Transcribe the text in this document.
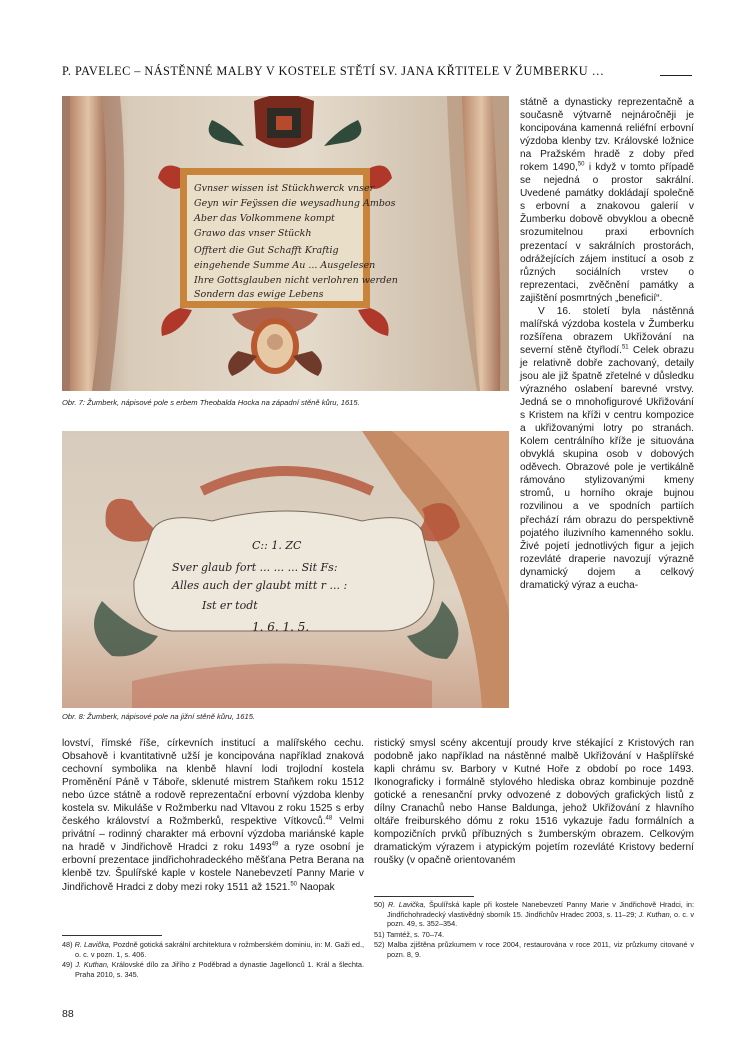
P. PAVELEC – NÁSTĚNNÉ MALBY V KOSTELE STĚTÍ SV. JANA KŘTITELE V ŽUMBERKU …
Gvnser wissen ist Stückhwerck vnser
Geyn wir Feÿssen die weysadhung Ambos
Aber das Volkommene kompt
Grawo das vnser Stückh
Offtert die Gut Schafft Kraftig
eingehende Summe Au ... Ausgelesen
Ihre Gottsglauben nicht verlohren werden
Sondern das ewige Lebens
Obr. 7: Žumberk, nápisové pole s erbem Theobalda Hocka na západní stěně kůru, 1615.
C:: 1. ZC
Sver glaub fort ... ... ... Sit Fs:
Alles auch der glaubt mitt r ... :
Ist er todt
1. 6. 1. 5.
Obr. 8: Žumberk, nápisové pole na jižní stěně kůru, 1615.

státně a dynasticky reprezentačně a současně výtvarně nejnáročněji je koncipována kamenná reliéfní erbovní výzdoba klenby tzv. Královské ložnice na Pražském hradě z doby před rokem 1490,50 i když v tomto případě se nejedná o prostor sakrální. Uvedené památky dokládají společně s erbovní a znakovou galerií v Žumberku dobově obvyklou a obecně srozumitelnou praxi erbovních prezentací v sakrálních prostorách, odrážejících zájem institucí a osob z různých sociálních vrstev o reprezentaci, zvěčnění památky a zajištění posmrtných „beneficií“.

V 16. století byla nástěnná malířská výzdoba kostela v Žumberku rozšířena obrazem Ukřižování na severní stěně čtyřlodí.$^{51}$ Celek obrazu je relativně dobře zachovaný, detaily jsou ale již špatně zřetelné v důsledku výrazného oslabení barevné vrstvy. Jedná se o mnohofigurové Ukřižování s Kristem na kříži v centru kompozice a ukřižovanými lotry po stranách. Kolem centrálního kříže je situována obvyklá skupina osob v dobových oděvech. Obrazové pole je vertikálně rámováno stylizovanými kmeny stromů, u horního okraje bujnou rozvilinou a ve spodních partiích přechází rám obrazu do perspektivně pojatého iluzivního kamenného soklu. Živé pojetí jednotlivých figur a jejich rozevláté draperie navozují výrazně dynamický dojem a celkový dramatický výraz a eucha-

lovství, římské říše, církevních institucí a malířského cechu. Obsahově i kvantitativně užší je koncipována například znaková cechovní symbolika na klenbě hlavní lodi trojlodní kostela Proměnění Páně v Táboře, sklenuté mistrem Staňkem roku 1512 nebo úzce státně a rodově reprezentační erbovní výzdoba klenby kostela sv. Mikuláše v Rožmberku nad Vltavou z roku 1525 s erby českého království a Rožmberků, respektive Vítkovců.$^{48}$ Velmi privátní – rodinný charakter má erbovní výzdoba mariánské kaple na hradě v Jindřichově Hradci z roku 1493$^{49}$ a ryze osobní je erbovní prezentace jindřichohradeckého měšťana Petra Berana na klenbě tzv. Špulířské kaple v kostele Nanebevzetí Panny Marie v Jindřichově Hradci z doby mezi roky 1511 až 1521.50 Naopak

ristický smysl scény akcentují proudy krve stékající z Kristových ran podobně jako například na nástěnné malbě Ukřižování v Hašplířské kapli chrámu sv. Barbory v Kutné Hoře z období po roce 1493. Ikonograficky i formálně stylového hlediska obraz kombinuje pozdně gotické a renesanční prvky odvozené z dobových grafických listů z dílny Cranachů nebo Hanse Baldunga, jehož Ukřižování z hlavního oltáře freiburského dómu z roku 1516 vykazuje řadu formálních a kompozičních prvků příbuzných s žumberským obrazem. Celkovým dramatickým výrazem i atypickým pojetím rozevláté Kristovy bederní roušky (v opačně orientovaném

48) R. Lavička, Pozdně gotická sakrální architektura v rožmberském dominiu, in: M. Gaži ed., o. c. v pozn. 1, s. 406.

49) J. Kuthan, Královské dílo za Jiřího z Poděbrad a dynastie Jagellonců 1. Král a šlechta. Praha 2010, s. 345.

50) R. Lavička, Špulířská kaple při kostele Nanebevzetí Panny Marie v Jindřichově Hradci, in: Jindřichohradecký vlastivědný sborník 15. Jindřichův Hradec 2003, s. 11–29; J. Kuthan, o. c. v pozn. 49, s. 352–354.

51) Tamtéž, s. 70–74.

52) Malba zjištěna průzkumem v roce 2004, restaurována v roce 2011, viz průzkumy citované v pozn. 8, 9.

88
